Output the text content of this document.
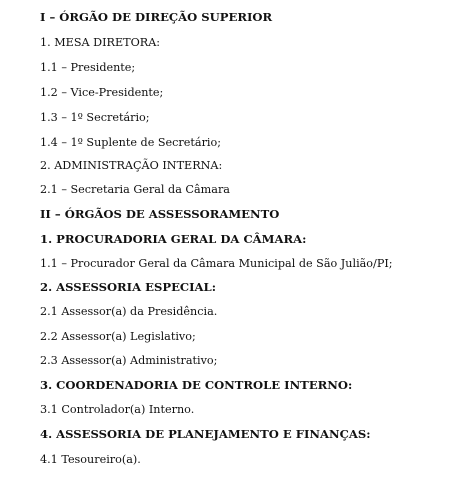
I – ÓRGÃO DE DIREÇÃO SUPERIOR
1. MESA DIRETORA:
1.1 – Presidente;
1.2 – Vice-Presidente;
1.3 – 1º Secretário;
1.4 – 1º Suplente de Secretário;
2. ADMINISTRAÇÃO INTERNA:
2.1 – Secretaria Geral da Câmara
II – ÓRGÃOS DE ASSESSORAMENTO
1. PROCURADORIA GERAL DA CÂMARA:
1.1 – Procurador Geral da Câmara Municipal de São Julião/PI;
2. ASSESSORIA ESPECIAL:
2.1 Assessor(a) da Presidência.
2.2 Assessor(a) Legislativo;
2.3 Assessor(a) Administrativo;
3. COORDENADORIA DE CONTROLE INTERNO:
3.1 Controlador(a) Interno.
4. ASSESSORIA DE PLANEJAMENTO E FINANÇAS:
4.1 Tesoureiro(a).
